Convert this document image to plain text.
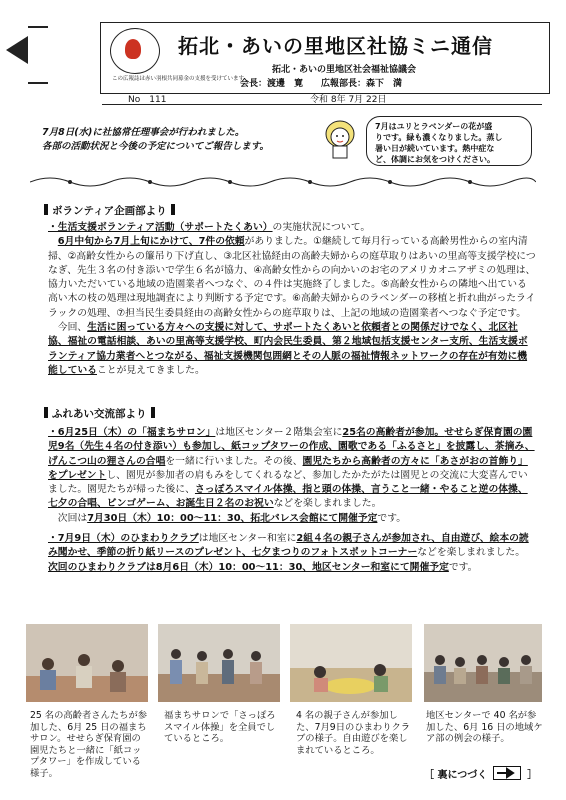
拓北・あいの里地区社協ミニ通信
拓北・あいの里地区社会福祉協議会
会長：渡邊　寛　　広報部長：森下　満
この広報誌は赤い羽根共同募金の支援を受けています
No　111	令和 8年 7月 22日
7月8日(水)に社協常任理事会が行われました。
各部の活動状況と今後の予定についてご報告します。
7月はユリとラベンダーの花が盛
りです。緑も濃くなりました。蒸し
暑い日が続いています。熱中症な
ど、体調にお気をつけください。
ボランティア企画部より

・生活支援ボランティア活動（サポートたくあい）の実施状況について。

6月中旬から7月上旬にかけて、7件の依頼がありました。①継続して毎月行っている高齢男性からの室内清掃、②高齢女性からの簾吊り下げ直し、③北区社協経由の高齢夫婦からの庭草取りはあいの里高等支援学校につなぎ、先生３名の付き添いで学生６名が協力、④高齢女性からの向かいのお宅のアメリカオニアザミの処理は、協力いただいている地域の造園業者へつなぐ、の４件は実施終了しました。⑤高齢女性からの隣地へ出ている高い木の枝の処理は現地調査により判断する予定です。⑥高齢夫婦からのラベンダーの移植と折れ曲がったライラックの処理、⑦担当民生委員経由の高齢女性からの庭草取りは、上記の地域の造園業者へつなぐ予定です。

今回、生活に困っている方々への支援に対して、サポートたくあいと依頼者との関係だけでなく、北区社協、福祉の電話相談、あいの里高等支援学校、町内会民生委員、第２地域包括支援センター支所、生活支援ボランティア協力業者へとつながる、福祉支援機関包囲網とその人脈の福祉情報ネットワークの存在が有効に機能していることが見えてきました。

ふれあい交流部より

・6月25日（木）の「福まちサロン」は地区センター２階集会室に25名の高齢者が参加。せせらぎ保育園の園児9名（先生４名の付き添い）も参加し、紙コップタワーの作成、園歌である「ふるさと」を披露し、茶摘み、げんこつ山の狸さんの合唱を一緒に行いました。その後、園児たちから高齢者の方々に「あさがおの首飾り」をプレゼントし、園児が参加者の肩もみをしてくれるなど、参加したかたがたは園児との交流に大変喜んでいました。園児たちが帰った後に、さっぽろスマイル体操、指と頭の体操、言うこと一緒・やること逆の体操、七夕の合唱、ビンゴゲーム、お誕生日２名のお祝いなどを楽しまれました。

次回は7月30日（木）10：00～11：30、拓北パレス会館にて開催予定です。

・7月9日（木）のひまわりクラブは地区センター和室に2組４名の親子さんが参加され、自由遊び、絵本の読み聞かせ、季節の折り紙リースのプレゼント、七夕まつりのフォトスポットコーナーなどを楽しまれました。

次回のひまわりクラブは8月6日（木）10：00～11：30、地区センター和室にて開催予定です。

25 名の高齢者さんたちが参加した、6月 25 日の福まちサロン。せせらぎ保育園の園児たちと一緒に「紙コップタワー」を作成している様子。
福まちサロンで「さっぽろスマイル体操」を全員でしているところ。
4 名の親子さんが参加した、7月9日のひまわりクラブの様子。自由遊びを楽しまれているところ。
地区センターで 40 名が参加した、6月 16 日の地域ケア部の例会の様子。
［ 裏につづく	］
